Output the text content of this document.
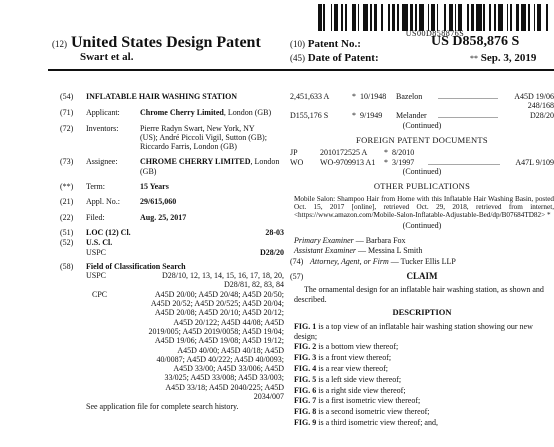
US00D858876S
(12) United States Design Patent	(10) Patent No.:	US D858,876 S
Swart et al.	(45) Date of Patent:	** Sep. 3, 2019
(54)	INFLATABLE HAIR WASHING STATION
(71)	Applicant:	Chrome Cherry Limited, London (GB)
(72)	Inventors:	Pierre Radyn Swart, New York, NY
(US); André Piccoli Vigil, Sutton (GB);
Riccardo Farris, London (GB)
(73)	Assignee:	CHROME CHERRY LIMITED, London (GB)
(**)	Term:	15 Years
(21)	Appl. No.:	29/615,060
(22)	Filed:	Aug. 25, 2017
(51)	LOC (12) Cl.	28-03
(52)	U.S. Cl.
USPC	D28/20
(58)	Field of Classification Search
USPC	D28/10, 12, 13, 14, 15, 16, 17, 18, 20,
D28/81, 82, 83, 84
CPC	A45D 20/00; A45D 20/48; A45D 20/50;
A45D 20/52; A45D 20/525; A45D 20/04;
A45D 20/08; A45D 20/10; A45D 20/12;
A45D 20/122; A45D 44/08; A45D
2019/005; A45D 2019/0058; A45D 19/04;
A45D 19/06; A45D 19/08; A45D 19/12;
A45D 40/00; A45D 40/18; A45D
40/0087; A45D 40/222; A45D 40/0093;
A45D 33/00; A45D 33/006; A45D
33/025; A45D 33/008; A45D 33/003;
A45D 33/18; A45D 2040/225; A45D
2034/007
See application file for complete search history.
2,451,633 A	* 10/1948	Bazelon	..............................	A45D 19/06
248/168
D155,176 S	* 9/1949	Melander	..............................	D28/20
(Continued)
FOREIGN PATENT DOCUMENTS
JP	2010172525 A	* 8/2010
WO	WO-9709913 A1	* 3/1997	....................................	A47L 9/109
(Continued)
OTHER PUBLICATIONS
Mobile Salon: Shampoo Hair from Home with this Inflatable Hair Washing Basin, posted Oct. 15, 2017 [online], retrieved Oct. 29, 2018, retrieved from internet, <https://www.amazon.com/Mobile-Salon-Inflatable-Adjustable-Bed/dp/B07684TD82> *
(Continued)
Primary Examiner — Barbara Fox
Assistant Examiner — Messina L Smith
(74) Attorney, Agent, or Firm — Tucker Ellis LLP
(57)	CLAIM
The ornamental design for an inflatable hair washing station, as shown and described.
DESCRIPTION

FIG. 1 is a top view of an inflatable hair washing station showing our new design;

FIG. 2 is a bottom view thereof;

FIG. 3 is a front view thereof;

FIG. 4 is a rear view thereof;

FIG. 5 is a left side view thereof;

FIG. 6 is a right side view thereof;

FIG. 7 is a first isometric view thereof;

FIG. 8 is a second isometric view thereof;

FIG. 9 is a third isometric view thereof; and,
